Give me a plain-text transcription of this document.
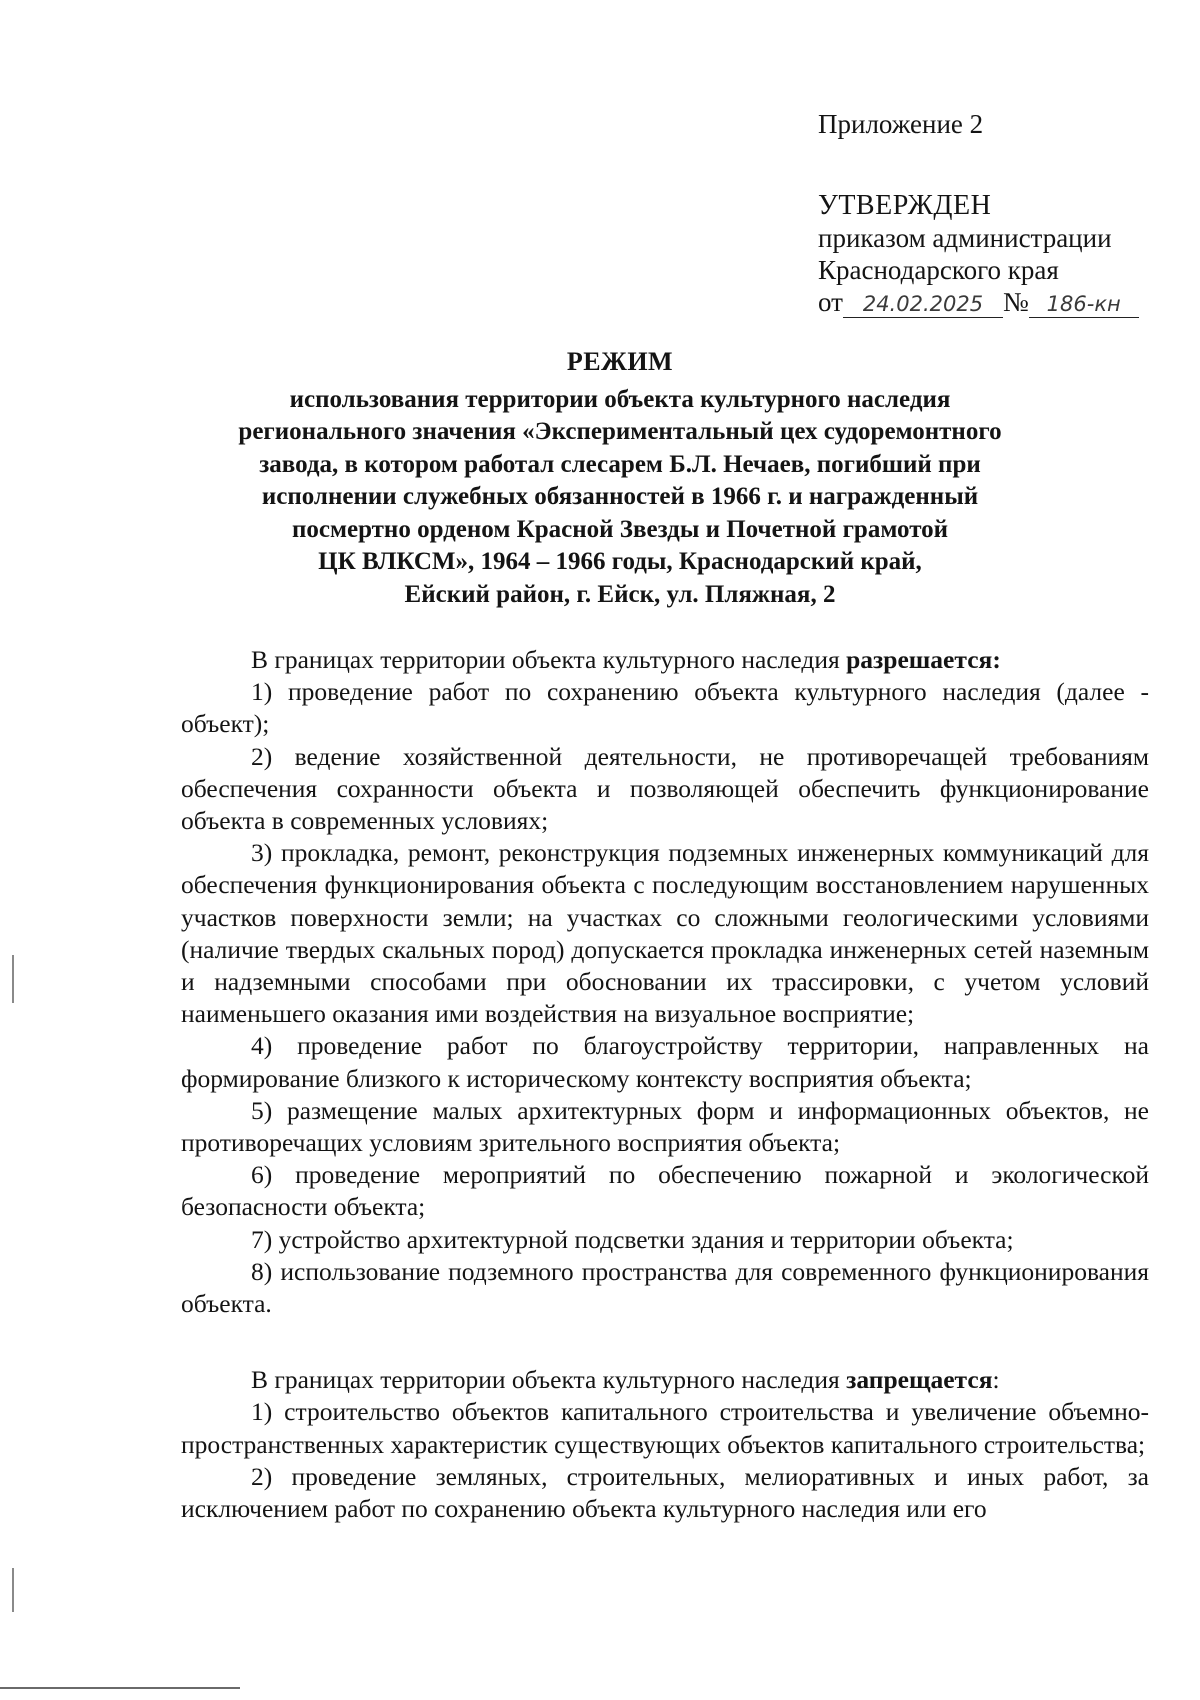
Приложение 2
УТВЕРЖДЕН
приказом администрации
Краснодарского края
от 24.02.2025 № 186-кн
РЕЖИМ
использования территории объекта культурного наследия
регионального значения «Экспериментальный цех судоремонтного
завода, в котором работал слесарем Б.Л. Нечаев, погибший при
исполнении служебных обязанностей в 1966 г. и награжденный
посмертно орденом Красной Звезды и Почетной грамотой
ЦК ВЛКСМ», 1964 – 1966 годы, Краснодарский край,
Ейский район, г. Ейск, ул. Пляжная, 2

В границах территории объекта культурного наследия разрешается:

1) проведение работ по сохранению объекта культурного наследия (далее - объект);

2) ведение хозяйственной деятельности, не противоречащей требованиям обеспечения сохранности объекта и позволяющей обеспечить функционирование объекта в современных условиях;

3) прокладка, ремонт, реконструкция подземных инженерных коммуникаций для обеспечения функционирования объекта с последующим восстановлением нарушенных участков поверхности земли; на участках со сложными геологическими условиями (наличие твердых скальных пород) допускается прокладка инженерных сетей наземным и надземными способами при обосновании их трассировки, с учетом условий наименьшего оказания ими воздействия на визуальное восприятие;

4) проведение работ по благоустройству территории, направленных на формирование близкого к историческому контексту восприятия объекта;

5) размещение малых архитектурных форм и информационных объектов, не противоречащих условиям зрительного восприятия объекта;

6) проведение мероприятий по обеспечению пожарной и экологической безопасности объекта;

7) устройство архитектурной подсветки здания и территории объекта;

8) использование подземного пространства для современного функционирования объекта.

В границах территории объекта культурного наследия запрещается:

1) строительство объектов капитального строительства и увеличение объемно-пространственных характеристик существующих объектов капитального строительства;

2) проведение земляных, строительных, мелиоративных и иных работ, за исключением работ по сохранению объекта культурного наследия или его
